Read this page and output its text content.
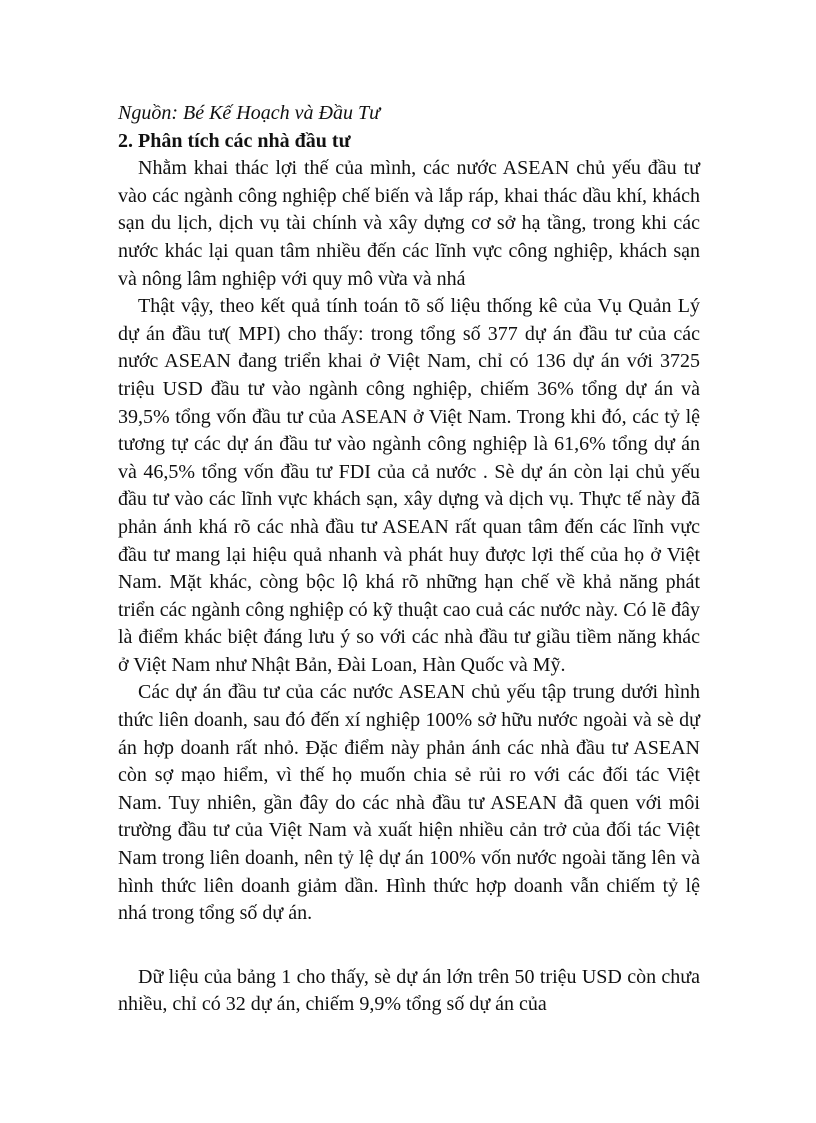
Nguồn: Bé Kế Hoạch và Đầu Tư

2. Phân tích các nhà đầu tư

Nhằm khai thác lợi thế của mình, các nước ASEAN chủ yếu đầu tư vào các ngành công nghiệp chế biến và lắp ráp, khai thác dầu khí, khách sạn du lịch, dịch vụ tài chính và xây dựng cơ sở hạ tầng, trong khi các nước khác lại quan tâm nhiều đến các lĩnh vực công nghiệp, khách sạn và nông lâm nghiệp với quy mô vừa và nhá

Thật vậy, theo kết quả tính toán tõ số liệu thống kê của Vụ Quản Lý dự án đầu tư( MPI) cho thấy: trong tổng số 377 dự án đầu tư của các nước ASEAN đang triển khai ở Việt Nam, chỉ có 136 dự án với 3725 triệu USD đầu tư vào ngành công nghiệp, chiếm 36% tổng dự án và 39,5% tổng vốn đầu tư của ASEAN ở Việt Nam. Trong khi đó, các tỷ lệ tương tự các dự án đầu tư vào ngành công nghiệp là 61,6% tổng dự án và 46,5% tổng vốn đầu tư FDI của cả nước . Sè dự án còn lại chủ yếu đầu tư vào các lĩnh vực khách sạn, xây dựng và dịch vụ. Thực tế này đã phản ánh khá rõ các nhà đầu tư ASEAN rất quan tâm đến các lĩnh vực đầu tư mang lại hiệu quả nhanh và phát huy được lợi thế của họ ở Việt Nam. Mặt khác, còng bộc lộ khá rõ những hạn chế về khả năng phát triển các ngành công nghiệp có kỹ thuật cao cuả các nước này. Có lẽ đây là điểm khác biệt đáng lưu ý so với các nhà đầu tư giầu tiềm năng khác ở Việt Nam như Nhật Bản, Đài Loan, Hàn Quốc và Mỹ.

Các dự án đầu tư của các nước ASEAN chủ yếu tập trung dưới hình thức liên doanh, sau đó đến xí nghiệp 100% sở hữu nước ngoài và sè dự án hợp doanh rất nhỏ. Đặc điểm này phản ánh các nhà đầu tư ASEAN còn sợ mạo hiểm, vì thế họ muốn chia sẻ rủi ro với các đối tác Việt Nam. Tuy nhiên, gần đây do các nhà đầu tư ASEAN đã quen với môi trường đầu tư của Việt Nam và xuất hiện nhiều cản trở của đối tác Việt Nam trong liên doanh, nên tỷ lệ dự án 100% vốn nước ngoài tăng lên và hình thức liên doanh giảm dần. Hình thức hợp doanh vẫn chiếm tỷ lệ nhá trong tổng số dự án.

Dữ liệu của bảng 1 cho thấy, sè dự án lớn trên 50 triệu USD còn chưa nhiều, chỉ có 32 dự án, chiếm 9,9% tổng số dự án của
